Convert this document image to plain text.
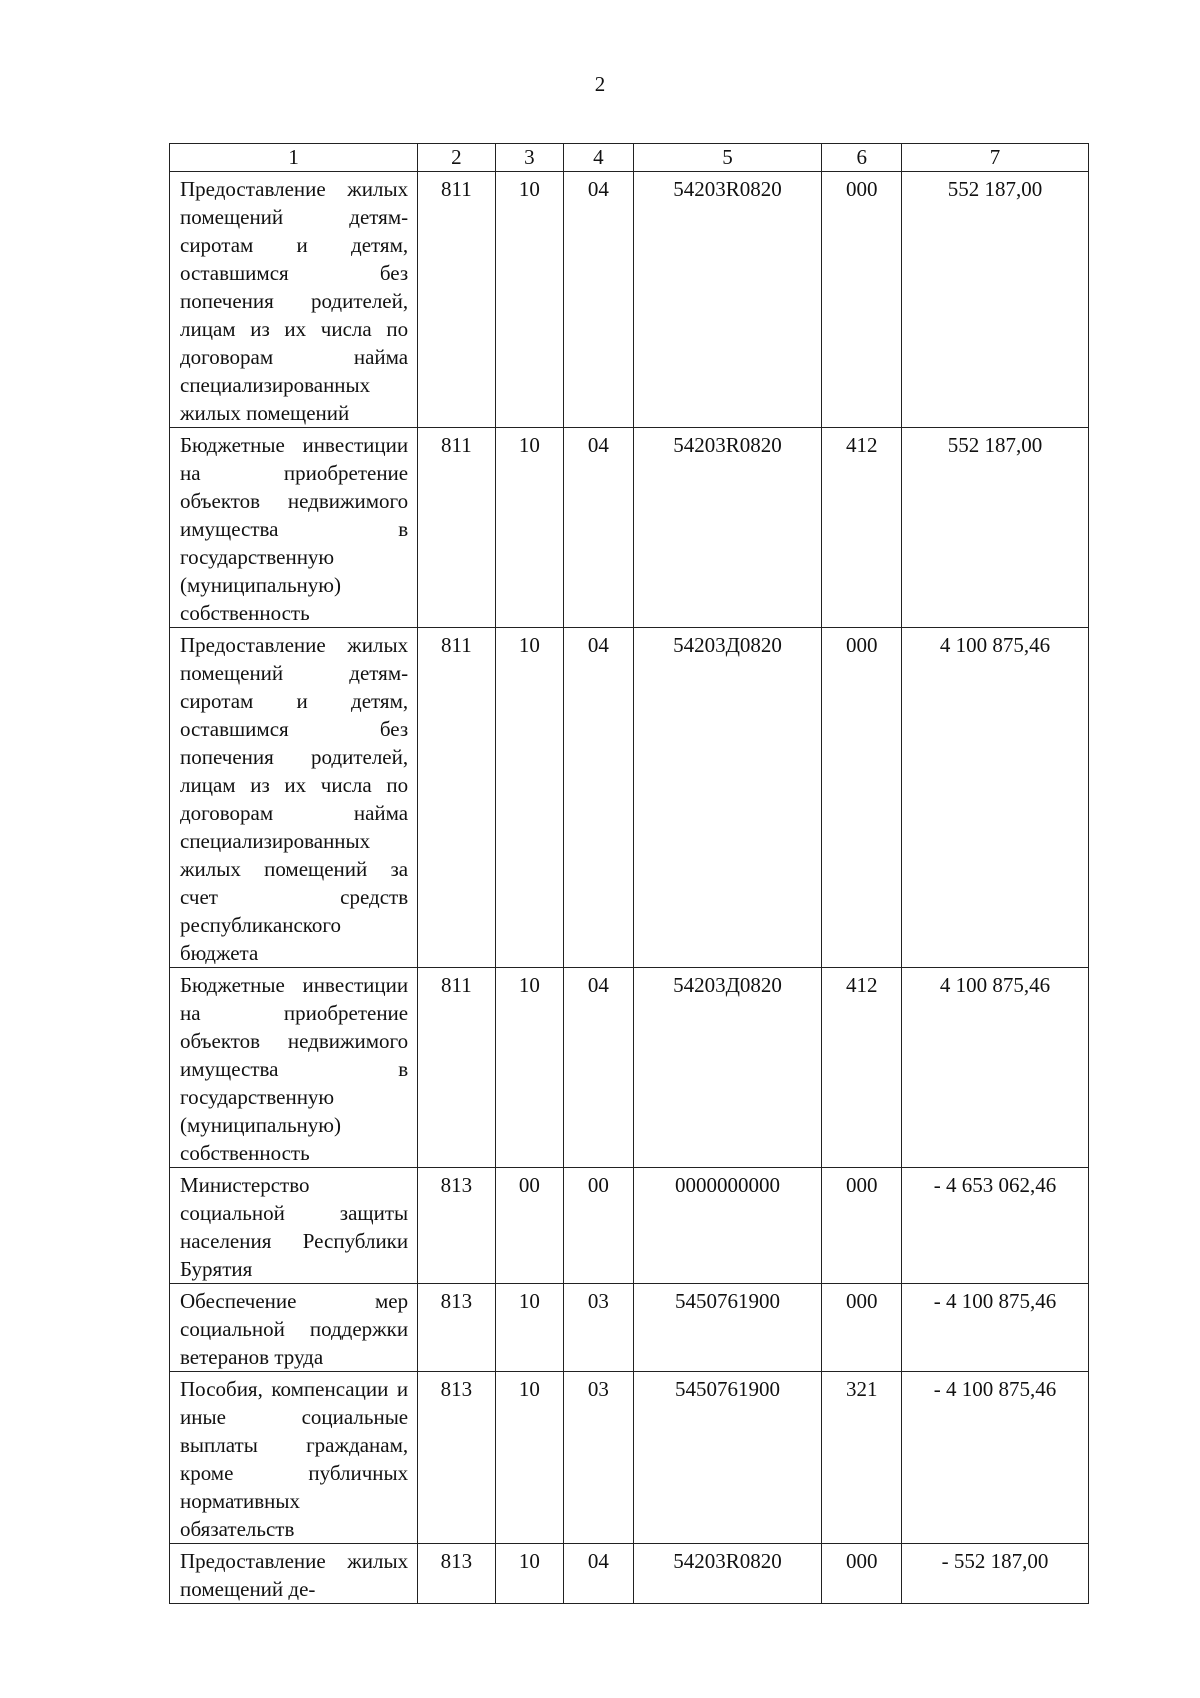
2
1	2	3	4	5	6	7
Предоставление жилых помещений детям-сиротам и детям, оставшимся без попечения родителей, лицам из их числа по договорам найма специализированных жилых помещений	811	10	04	54203R0820	000	552 187,00
Бюджетные инвестиции на приобретение объектов недвижимого имущества в государственную (муниципальную) собственность	811	10	04	54203R0820	412	552 187,00
Предоставление жилых помещений детям-сиротам и детям, оставшимся без попечения родителей, лицам из их числа по договорам найма специализированных жилых помещений за счет средств республиканского бюджета	811	10	04	54203Д0820	000	4 100 875,46
Бюджетные инвестиции на приобретение объектов недвижимого имущества в государственную (муниципальную) собственность	811	10	04	54203Д0820	412	4 100 875,46
Министерство социальной защиты населения Республики Бурятия	813	00	00	0000000000	000	- 4 653 062,46
Обеспечение мер социальной поддержки ветеранов труда	813	10	03	5450761900	000	- 4 100 875,46
Пособия, компенсации и иные социальные выплаты гражданам, кроме публичных нормативных обязательств	813	10	03	5450761900	321	- 4 100 875,46
Предоставление жилых помещений де-	813	10	04	54203R0820	000	- 552 187,00
